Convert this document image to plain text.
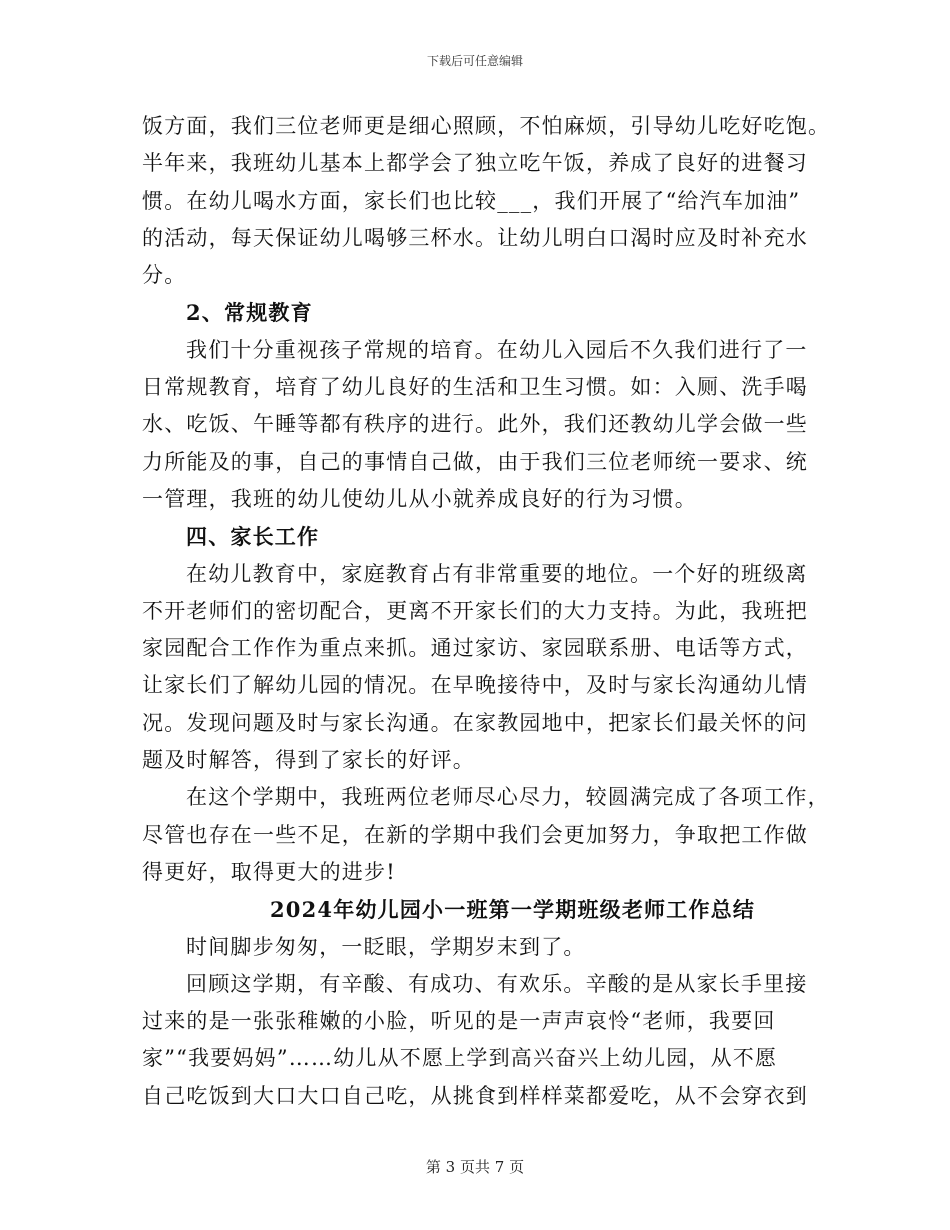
下载后可任意编辑
饭方面，我们三位老师更是细心照顾，不怕麻烦，引导幼儿吃好吃饱。
半年来，我班幼儿基本上都学会了独立吃午饭，养成了良好的进餐习
惯。在幼儿喝水方面，家长们也比较___，我们开展了“给汽车加油”
的活动，每天保证幼儿喝够三杯水。让幼儿明白口渴时应及时补充水
分。
2、常规教育
我们十分重视孩子常规的培育。在幼儿入园后不久我们进行了一
日常规教育，培育了幼儿良好的生活和卫生习惯。如：入厕、洗手喝
水、吃饭、午睡等都有秩序的进行。此外，我们还教幼儿学会做一些
力所能及的事，自己的事情自己做，由于我们三位老师统一要求、统
一管理，我班的幼儿使幼儿从小就养成良好的行为习惯。
四、家长工作
在幼儿教育中，家庭教育占有非常重要的地位。一个好的班级离
不开老师们的密切配合，更离不开家长们的大力支持。为此，我班把
家园配合工作作为重点来抓。通过家访、家园联系册、电话等方式，
让家长们了解幼儿园的情况。在早晚接待中，及时与家长沟通幼儿情
况。发现问题及时与家长沟通。在家教园地中，把家长们最关怀的问
题及时解答，得到了家长的好评。
在这个学期中，我班两位老师尽心尽力，较圆满完成了各项工作，
尽管也存在一些不足，在新的学期中我们会更加努力，争取把工作做
得更好，取得更大的进步!
2024年幼儿园小一班第一学期班级老师工作总结
时间脚步匆匆，一眨眼，学期岁末到了。
回顾这学期，有辛酸、有成功、有欢乐。辛酸的是从家长手里接
过来的是一张张稚嫩的小脸，听见的是一声声哀怜“老师，我要回
家”“我要妈妈”……幼儿从不愿上学到高兴奋兴上幼儿园，从不愿
自己吃饭到大口大口自己吃，从挑食到样样菜都爱吃，从不会穿衣到
第 3 页共 7 页
